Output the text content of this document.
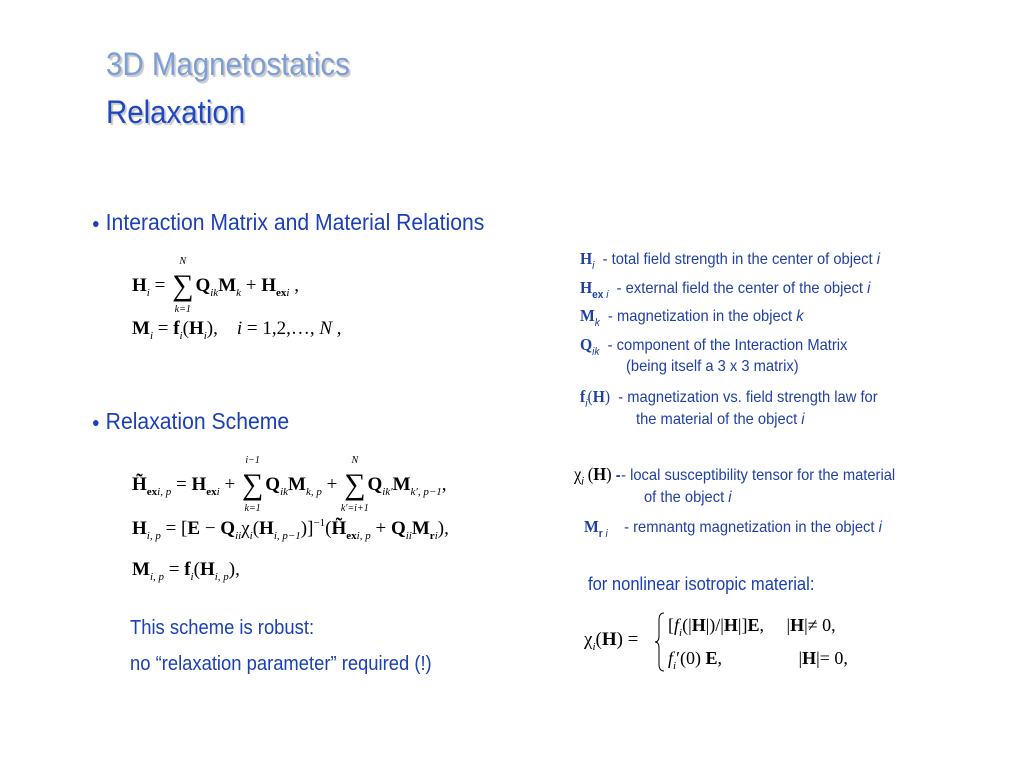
3D Magnetostatics
Relaxation
● Interaction Matrix and Material Relations
$H_i$ = ∑
N
k=1
$Q_{ik}M_k + H_{exi}$ ,
$M_i = f_i(H_i)$,    i = 1,2,…, N ,
● Relaxation Scheme
$H̃_{exi, p} = H_{exi}$ + ∑
i−1
k=1
$Q_{ik}M_{k, p}$ + ∑
N
k′=i+1
$Q_{ik'}M_{k', p-1}$,
$H_{i, p} = [E$ − $Q_{ii}\chi_i(H_{i, p-1})]^{-1}(H̃_{exi, p} + Q_{ii}M_{ri})$,
$M_{i, p} = f_i(H_{i, p})$,
$H_i$ - total field strength in the center of object i
$H_{ex}$ $_i$ - external field the center of the object i
$M_k$ - magnetization in the object k
$Q_{ik}$ - component of the Interaction Matrix
(being itself a 3 x 3 matrix)
$f_i(H)$ - magnetization vs. field strength law for
the material of the object i
$\chi_i$ (H) - - local susceptibility tensor for the material
of the object i
$M_r$ $_i$ - remnantg magnetization in the object i
for nonlinear isotropic material:
$\chi_i(H)$ =
$[f_i(|H|)/|H|]E$,     |H|≠ 0,
$f_i'(0)$ E,                 |H|= 0,
This scheme is robust:
no “relaxation parameter” required (!)
